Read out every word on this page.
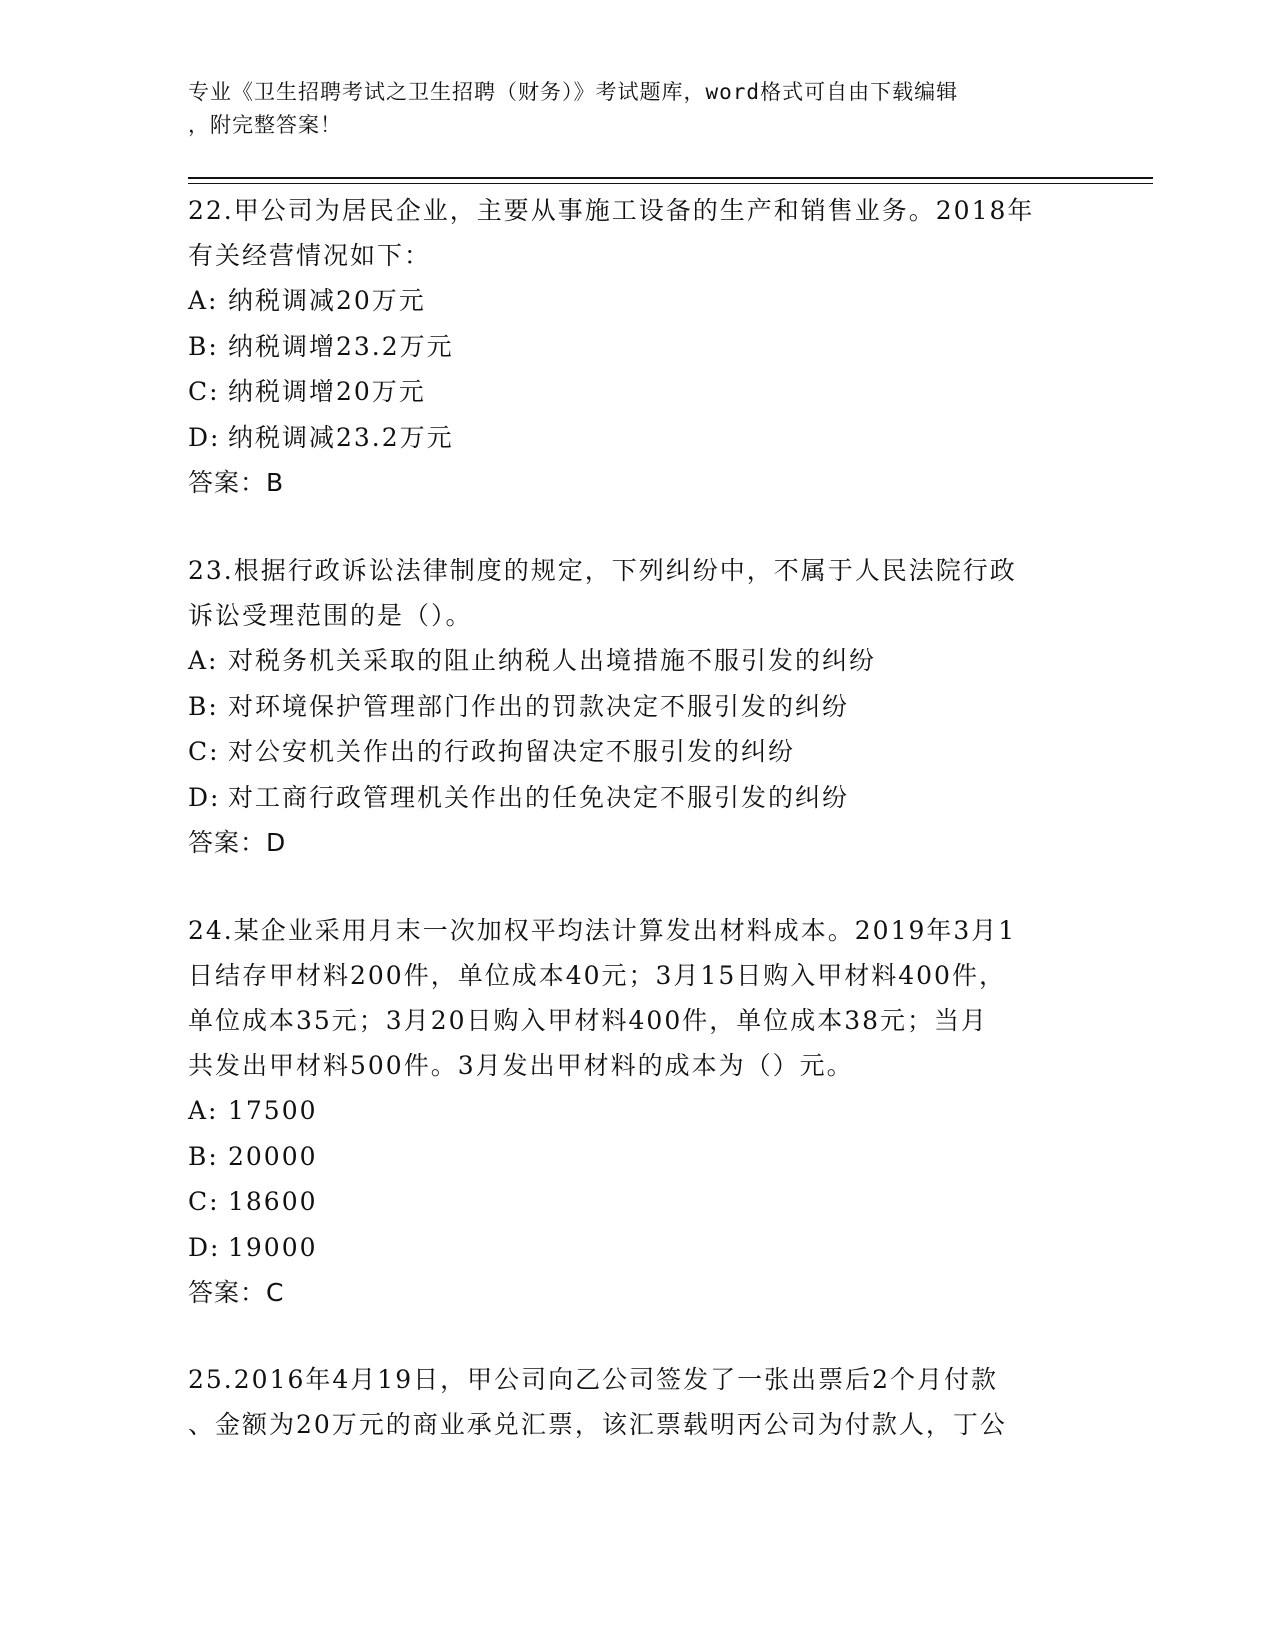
专业《卫生招聘考试之卫生招聘（财务）》考试题库，word格式可自由下载编辑
，附完整答案！

22.甲公司为居民企业，主要从事施工设备的生产和销售业务。2018年
有关经营情况如下：

A: 纳税调减20万元
B: 纳税调增23.2万元
C: 纳税调增20万元
D: 纳税调减23.2万元
答案：B

23.根据行政诉讼法律制度的规定，下列纠纷中，不属于人民法院行政
诉讼受理范围的是（）。

A: 对税务机关采取的阻止纳税人出境措施不服引发的纠纷
B: 对环境保护管理部门作出的罚款决定不服引发的纠纷
C: 对公安机关作出的行政拘留决定不服引发的纠纷
D: 对工商行政管理机关作出的任免决定不服引发的纠纷
答案：D

24.某企业采用月末一次加权平均法计算发出材料成本。2019年3月1
日结存甲材料200件，单位成本40元；3月15日购入甲材料400件，
单位成本35元；3月20日购入甲材料400件，单位成本38元；当月
共发出甲材料500件。3月发出甲材料的成本为（）元。

A: 17500
B: 20000
C: 18600
D: 19000
答案：C

25.2016年4月19日，甲公司向乙公司签发了一张出票后2个月付款
、金额为20万元的商业承兑汇票，该汇票载明丙公司为付款人，丁公
